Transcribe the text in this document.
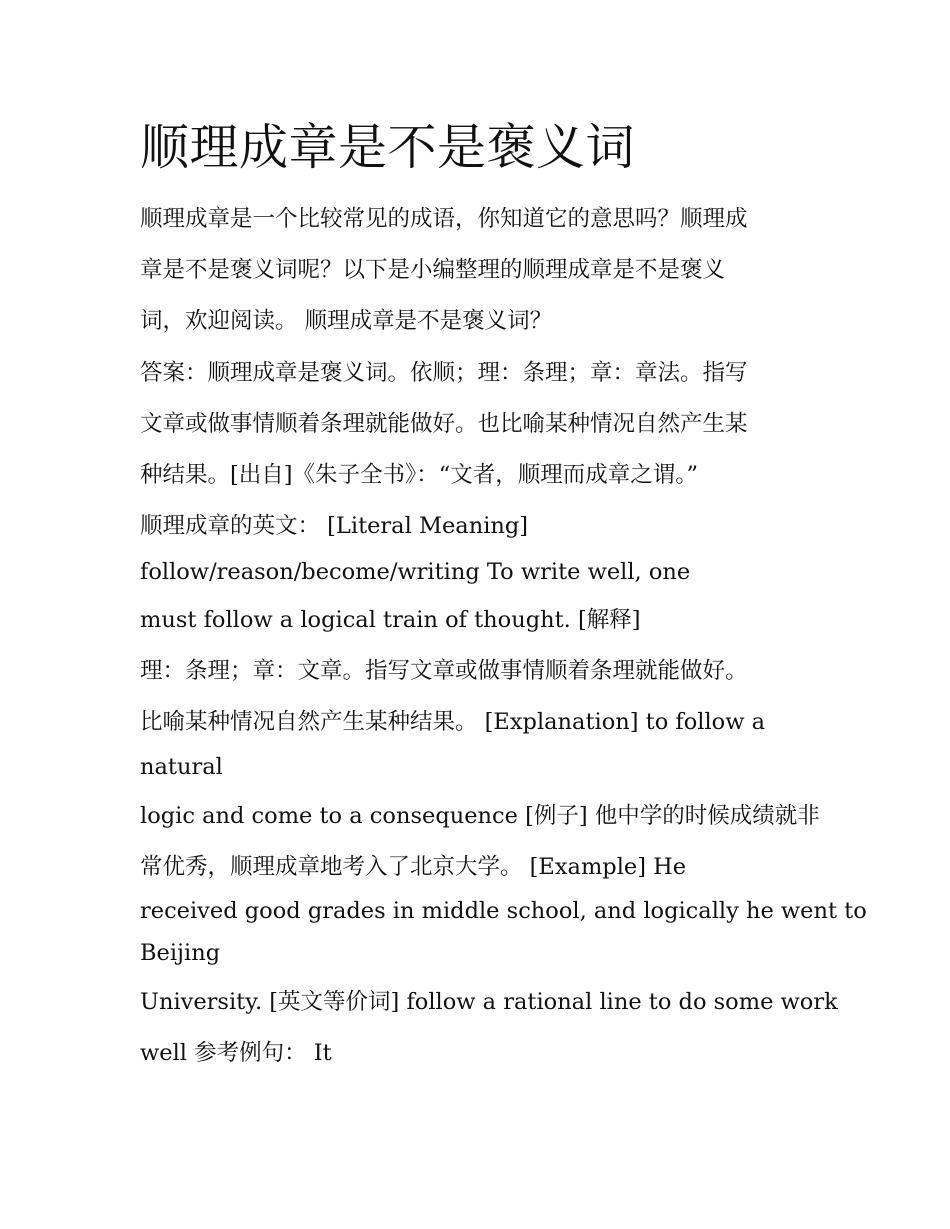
顺理成章是不是褒义词

顺理成章是一个比较常见的成语，你知道它的意思吗？顺理成

章是不是褒义词呢？以下是小编整理的顺理成章是不是褒义

词，欢迎阅读。 顺理成章是不是褒义词？

答案：顺理成章是褒义词。依顺；理：条理；章：章法。指写

文章或做事情顺着条理就能做好。也比喻某种情况自然产生某

种结果。[出自]《朱子全书》：“文者，顺理而成章之谓。”

顺理成章的英文： [Literal Meaning]

follow/reason/become/writing To write well, one

must follow a logical train of thought. [解释]

理：条理；章：文章。指写文章或做事情顺着条理就能做好。

比喻某种情况自然产生某种结果。 [Explanation] to follow a

natural

logic and come to a consequence [例子] 他中学的时候成绩就非

常优秀，顺理成章地考入了北京大学。 [Example] He

received good grades in middle school, and logically he went to

Beijing

University. [英文等价词] follow a rational line to do some work

well 参考例句： It
